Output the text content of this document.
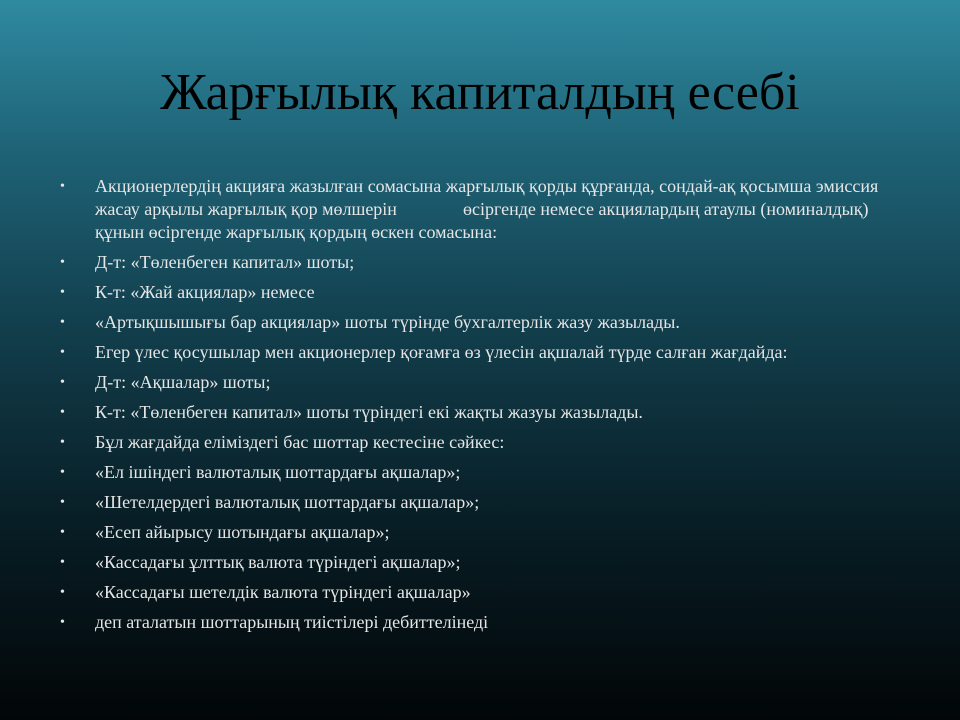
Жарғылық капиталдың есебі
•	Акционерлердің акцияға жазылған сомасына жарғылық қорды құрғанда, сондай-ақ қосымша эмиссия жасау арқылы жарғылық қор мөлшерін	өсіргенде немесе акциялардың атаулы (номиналдық) құнын өсіргенде жарғылық қордың өскен сомасына:
•	Д-т: «Төленбеген капитал» шоты;
•	К-т: «Жай акциялар» немесе
•	«Артықшышығы бар акциялар» шоты түрінде бухгалтерлік жазу жазылады.
•	Егер үлес қосушылар мен акционерлер қоғамға өз үлесін ақшалай түрде салған жағдайда:
•	Д-т: «Ақшалар» шоты;
•	К-т: «Төленбеген капитал» шоты түріндегі екі жақты жазуы жазылады.
•	Бұл жағдайда еліміздегі бас шоттар кестесіне сәйкес:
•	«Ел ішіндегі валюталық шоттардағы ақшалар»;
•	«Шетелдердегі валюталық шоттардағы ақшалар»;
•	«Есеп айырысу шотындағы ақшалар»;
•	«Кассадағы ұлттық валюта түріндегі ақшалар»;
•	«Кассадағы шетелдік валюта түріндегі ақшалар»
•	деп аталатын шоттарының тиістілері дебиттелінеді
